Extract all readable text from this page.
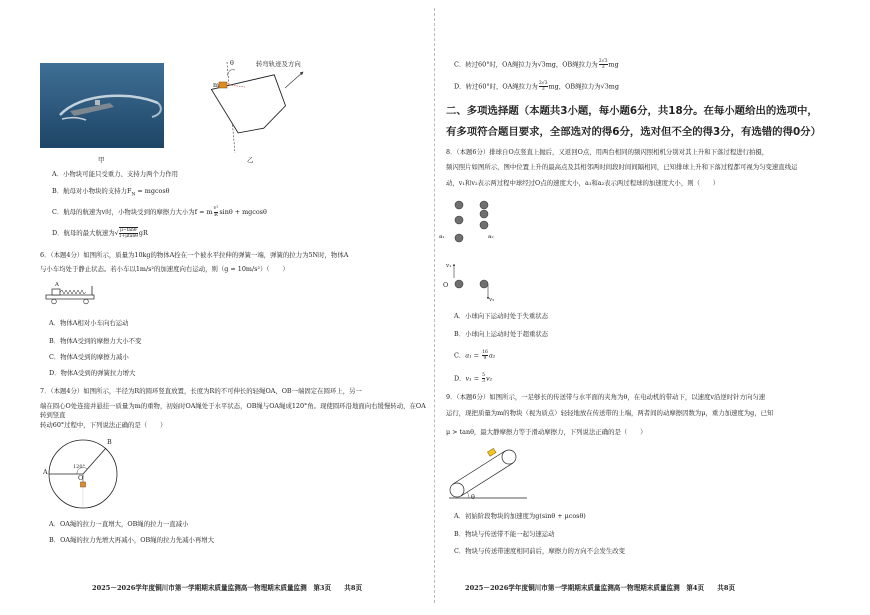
甲
θ
m
转弯轨迹及方向
乙
A．小物块可能只受重力、支持力两个力作用
B．航母对小物块的支持力$F_N = mgcos\theta$
C．航母的航速为v时，小物块受到的摩擦力大小为f = m $\frac{\text{v²}}{R}$ sinθ + mgcosθ
D．航母的最大航速为√ $\frac{\mu-\tan\theta}{1+\mu\tan\theta}$ gR
6．（本题4分）如图所示，质量为10kg的物体A拴在一个被水平拉伸的弹簧一端，弹簧的拉力为5N时，物体A
与小车均处于静止状态。若小车以1m/s²的加速度向右运动，则（g = 10m/s²）（　　）
A
A．物体A相对小车向右运动
B．物体A受到的摩擦力大小不变
C．物体A受到的摩擦力减小
D．物体A受到的弹簧拉力增大
7．（本题4分）如图所示，半径为R的圆环竖直放置，长度为R的不可伸长的轻绳OA、OB一端固定在圆环上，另一
端在圆心O处连接并悬挂一质量为m的重物，初始时OA绳处于水平状态，OB绳与OA绳成120°角。现使圆环沿地面向右缓慢转动，在OA转到竖直
转动60°过程中，下列说法正确的是（　　）
A
B
O
120°
A．OA绳的拉力一直增大，OB绳的拉力一直减小
B．OA绳的拉力先增大再减小，OB绳的拉力先减小再增大
2025－2026学年度铜川市第一学期期末质量监测高一物理期末质量监测　第3页　　共8页
C．转过60°时，OA绳拉力为√3mg，OB绳拉力为 $\frac{2√3}{3}$ mg
D．转过60°时，OA绳拉力为 $\frac{2√3}{3}$ mg，OB绳拉力为√3mg
二、多项选择题（本题共3小题，每小题6分，共18分。在每小题给出的选项中，
有多项符合题目要求，全部选对的得6分，选对但不全的得3分，有选错的得0分）
8．（本题6分）排球自O点竖直上抛后，又返回O点，用两台相同的频闪照相机分别对其上升和下落过程进行拍摄，
频闪照片如图所示，图中位置上升的最高点及其相邻两时间段时间间隔相同，已知排球上升和下落过程都可视为匀变速直线运
动，v₁和v₂表示两过程中球经过O点的速度大小，a₁和a₂表示两过程球的加速度大小，则（　　）
a₁	a₂
v₁
v₂
O
A．小球向下运动时处于失重状态
B．小球向上运动时处于超重状态
C．$a_1 = \frac{16}{9} a_2$
D．$v_1 = \frac{5}{3} v_2$
9．（本题6分）如图所示，一足够长的传送带与水平面的夹角为θ，在电动机的带动下，以速度v沿逆时针方向匀速
运行，现把质量为m的物块（视为质点）轻轻地放在传送带的上端，两者间的动摩擦因数为μ，重力加速度为g，已知
μ > tanθ，最大静摩擦力等于滑动摩擦力，下列说法正确的是（　　）
θ
A．初始阶段物块的加速度为g(sinθ + μcosθ)
B．物块与传送带不能一起匀速运动
C．物块与传送带速度相同前后，摩擦力的方向不会发生改变
2025－2026学年度铜川市第一学期期末质量监测高一物理期末质量监测　第4页　　共8页
